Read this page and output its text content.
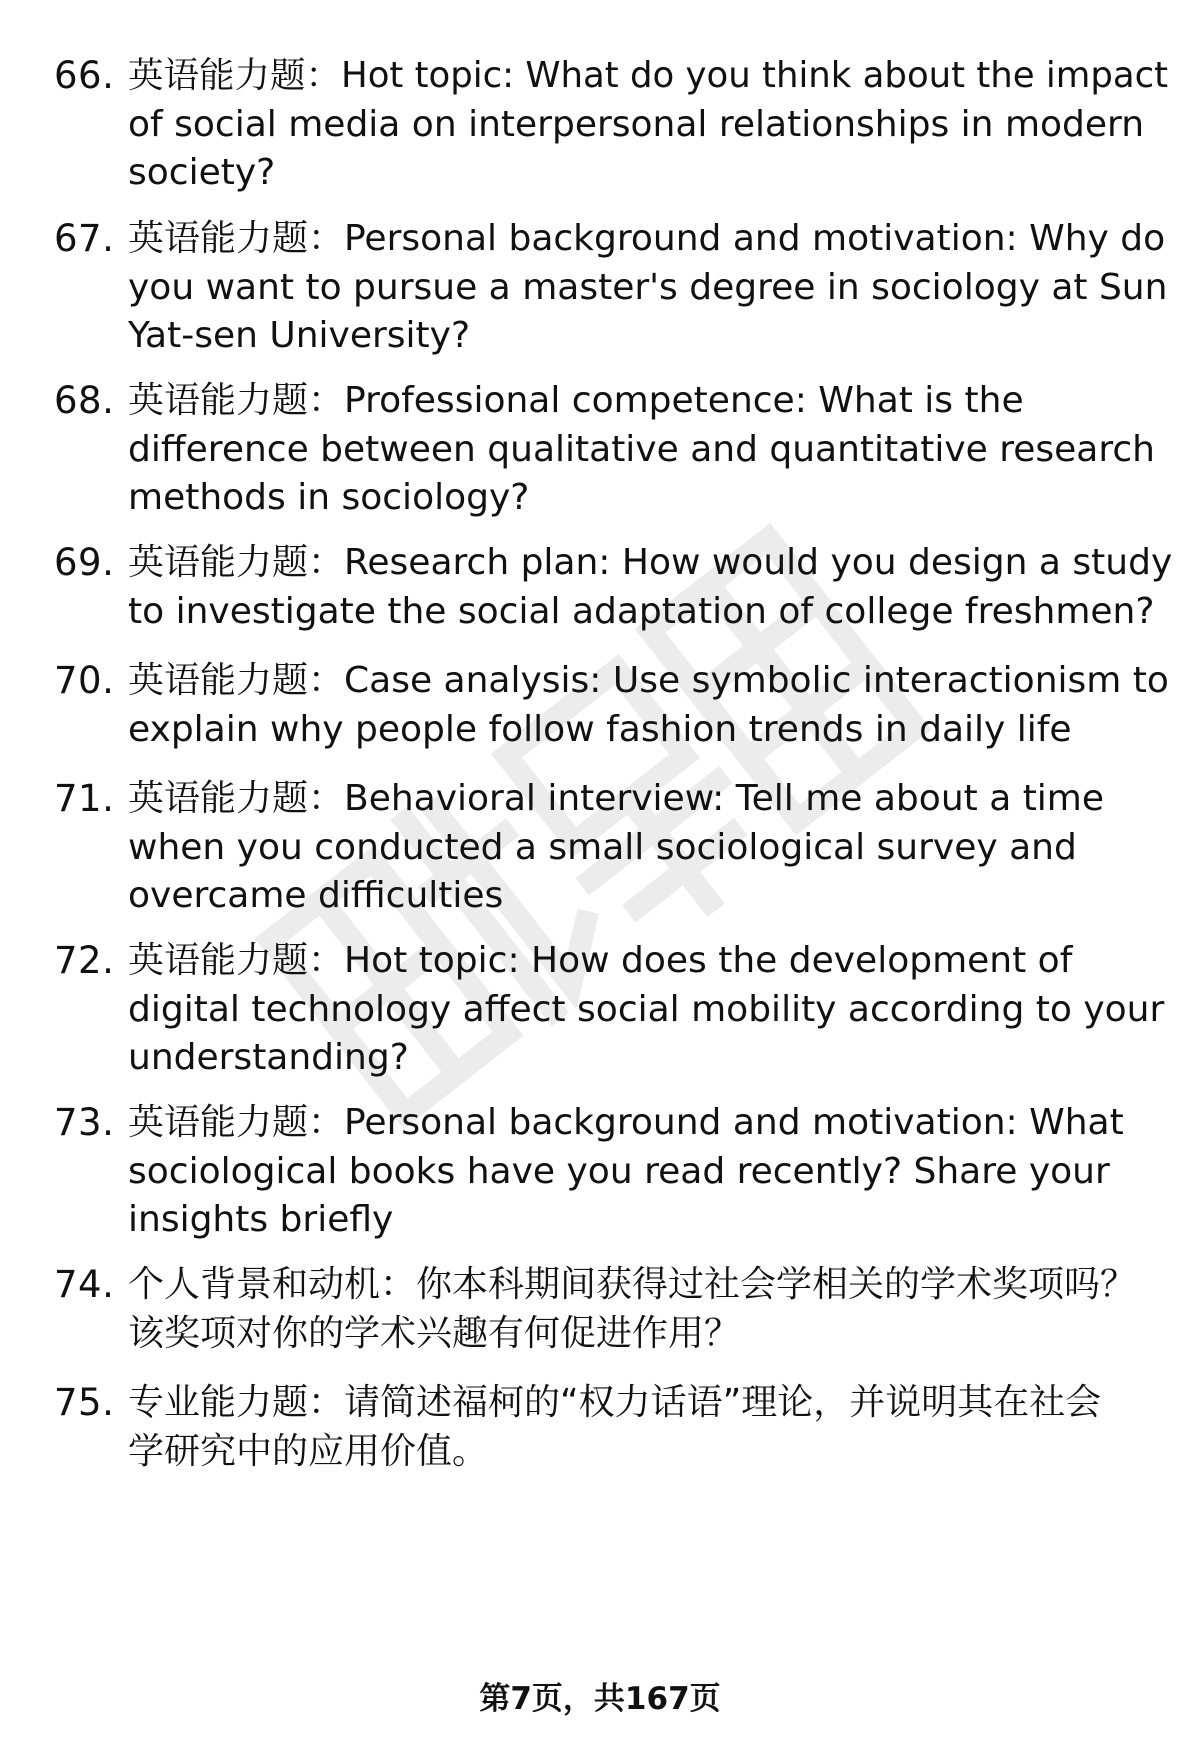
66. 英语能力题：Hot topic: What do you think about the impact
of social media on interpersonal relationships in modern
society?
67. 英语能力题：Personal background and motivation: Why do
you want to pursue a master's degree in sociology at Sun
Yat-sen University?
68. 英语能力题：Professional competence: What is the
difference between qualitative and quantitative research
methods in sociology?
69. 英语能力题：Research plan: How would you design a study
to investigate the social adaptation of college freshmen?
70. 英语能力题：Case analysis: Use symbolic interactionism to
explain why people follow fashion trends in daily life
71. 英语能力题：Behavioral interview: Tell me about a time
when you conducted a small sociological survey and
overcame difficulties
72. 英语能力题：Hot topic: How does the development of
digital technology affect social mobility according to your
understanding?
73. 英语能力题：Personal background and motivation: What
sociological books have you read recently? Share your
insights briefly
74. 个人背景和动机：你本科期间获得过社会学相关的学术奖项吗？
该奖项对你的学术兴趣有何促进作用？
75. 专业能力题：请简述福柯的“权力话语”理论，并说明其在社会
学研究中的应用价值。
第7页，共167页
